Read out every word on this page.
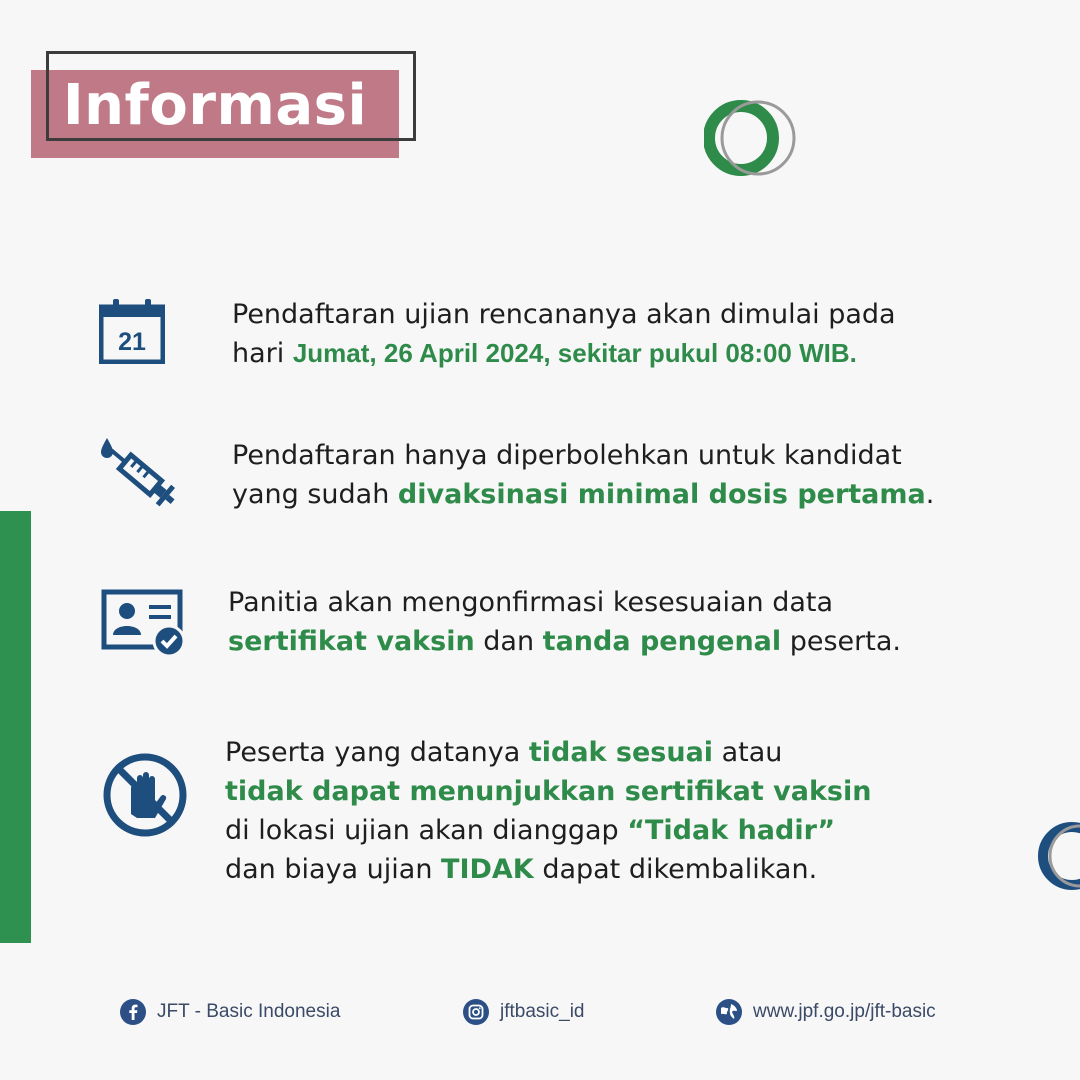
Informasi
21
Pendaftaran ujian rencananya akan dimulai pada
hari Jumat, 26 April 2024, sekitar pukul 08:00 WIB.
Pendaftaran hanya diperbolehkan untuk kandidat
yang sudah divaksinasi minimal dosis pertama.
Panitia akan mengonfirmasi kesesuaian data
sertifikat vaksin dan tanda pengenal peserta.
Peserta yang datanya tidak sesuai atau
tidak dapat menunjukkan sertifikat vaksin
di lokasi ujian akan dianggap “Tidak hadir”
dan biaya ujian TIDAK dapat dikembalikan.
JFT - Basic Indonesia	jftbasic_id	www.jpf.go.jp/jft-basic
